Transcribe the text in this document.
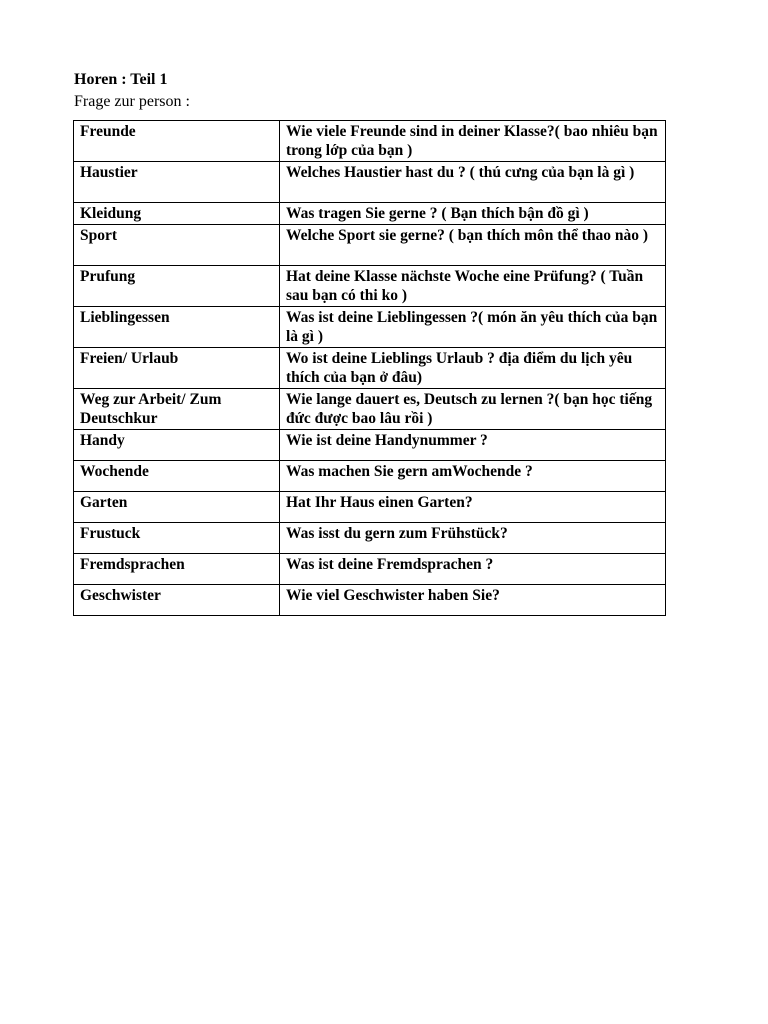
Horen : Teil 1
Frage zur person :
Freunde	Wie viele Freunde sind in deiner Klasse?( bao nhiêu bạn trong lớp của bạn )
Haustier	Welches Haustier hast du ? ( thú cưng của bạn là gì )
Kleidung	Was tragen Sie gerne ? ( Bạn thích bận đồ gì )
Sport	Welche Sport sie gerne? ( bạn thích môn thể thao nào )
Prufung	Hat deine Klasse nächste Woche eine Prüfung? ( Tuần sau bạn có thi ko )
Lieblingessen	Was ist deine Lieblingessen ?( món ăn yêu thích của bạn là gì )
Freien/ Urlaub	Wo ist deine Lieblings Urlaub ? địa điểm du lịch yêu thích của bạn ở đâu)
Weg zur Arbeit/ Zum Deutschkur	Wie lange dauert es, Deutsch zu lernen ?( bạn học tiếng đức được bao lâu rồi )
Handy	Wie ist deine Handynummer ?
Wochende	Was machen Sie gern amWochende ?
Garten	Hat Ihr Haus einen Garten?
Frustuck	Was isst du gern zum Frühstück?
Fremdsprachen	Was ist deine Fremdsprachen ?
Geschwister	Wie viel Geschwister haben Sie?
